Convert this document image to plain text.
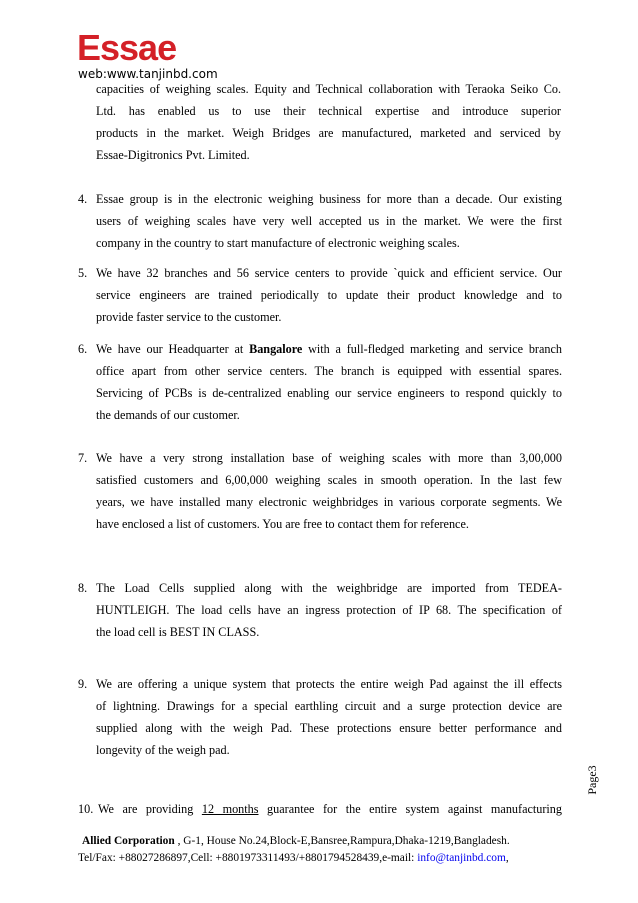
Essae
web:www.tanjinbd.com

capacities of weighing scales. Equity and Technical collaboration with Teraoka Seiko Co.

Ltd. has enabled us to use their technical expertise and introduce superior

products in the market. Weigh Bridges are manufactured, marketed and serviced by

Essae-Digitronics Pvt. Limited.

4. Essae group is in the electronic weighing business for more than a decade. Our existing

users of weighing scales have very well accepted us in the market. We were the first

company in the country to start manufacture of electronic weighing scales.

5. We have 32 branches and 56 service centers to provide `quick and efficient service. Our

service engineers are trained periodically to update their product knowledge and to

provide faster service to the customer.

6. We have our Headquarter at Bangalore with a full-fledged marketing and service branch

office apart from other service centers. The branch is equipped with essential spares.

Servicing of PCBs is de-centralized enabling our service engineers to respond quickly to

the demands of our customer.

7. We have a very strong installation base of weighing scales with more than 3,00,000

satisfied customers and 6,00,000 weighing scales in smooth operation. In the last few

years, we have installed many electronic weighbridges in various corporate segments. We

have enclosed a list of customers. You are free to contact them for reference.

8. The Load Cells supplied along with the weighbridge are imported from TEDEA-

HUNTLEIGH. The load cells have an ingress protection of IP 68. The specification of

the load cell is BEST IN CLASS.

9. We are offering a unique system that protects the entire weigh Pad against the ill effects

of lightning. Drawings for a special earthling circuit and a surge protection device are

supplied along with the weigh Pad. These protections ensure better performance and

longevity of the weigh pad.

10. We are providing 12 months guarantee for the entire system against manufacturing

Page3
Allied Corporation , G-1, House No.24,Block-E,Bansree,Rampura,Dhaka-1219,Bangladesh.
Tel/Fax: +88027286897,Cell: +8801973311493/+8801794528439,e-mail: info@tanjinbd.com,
